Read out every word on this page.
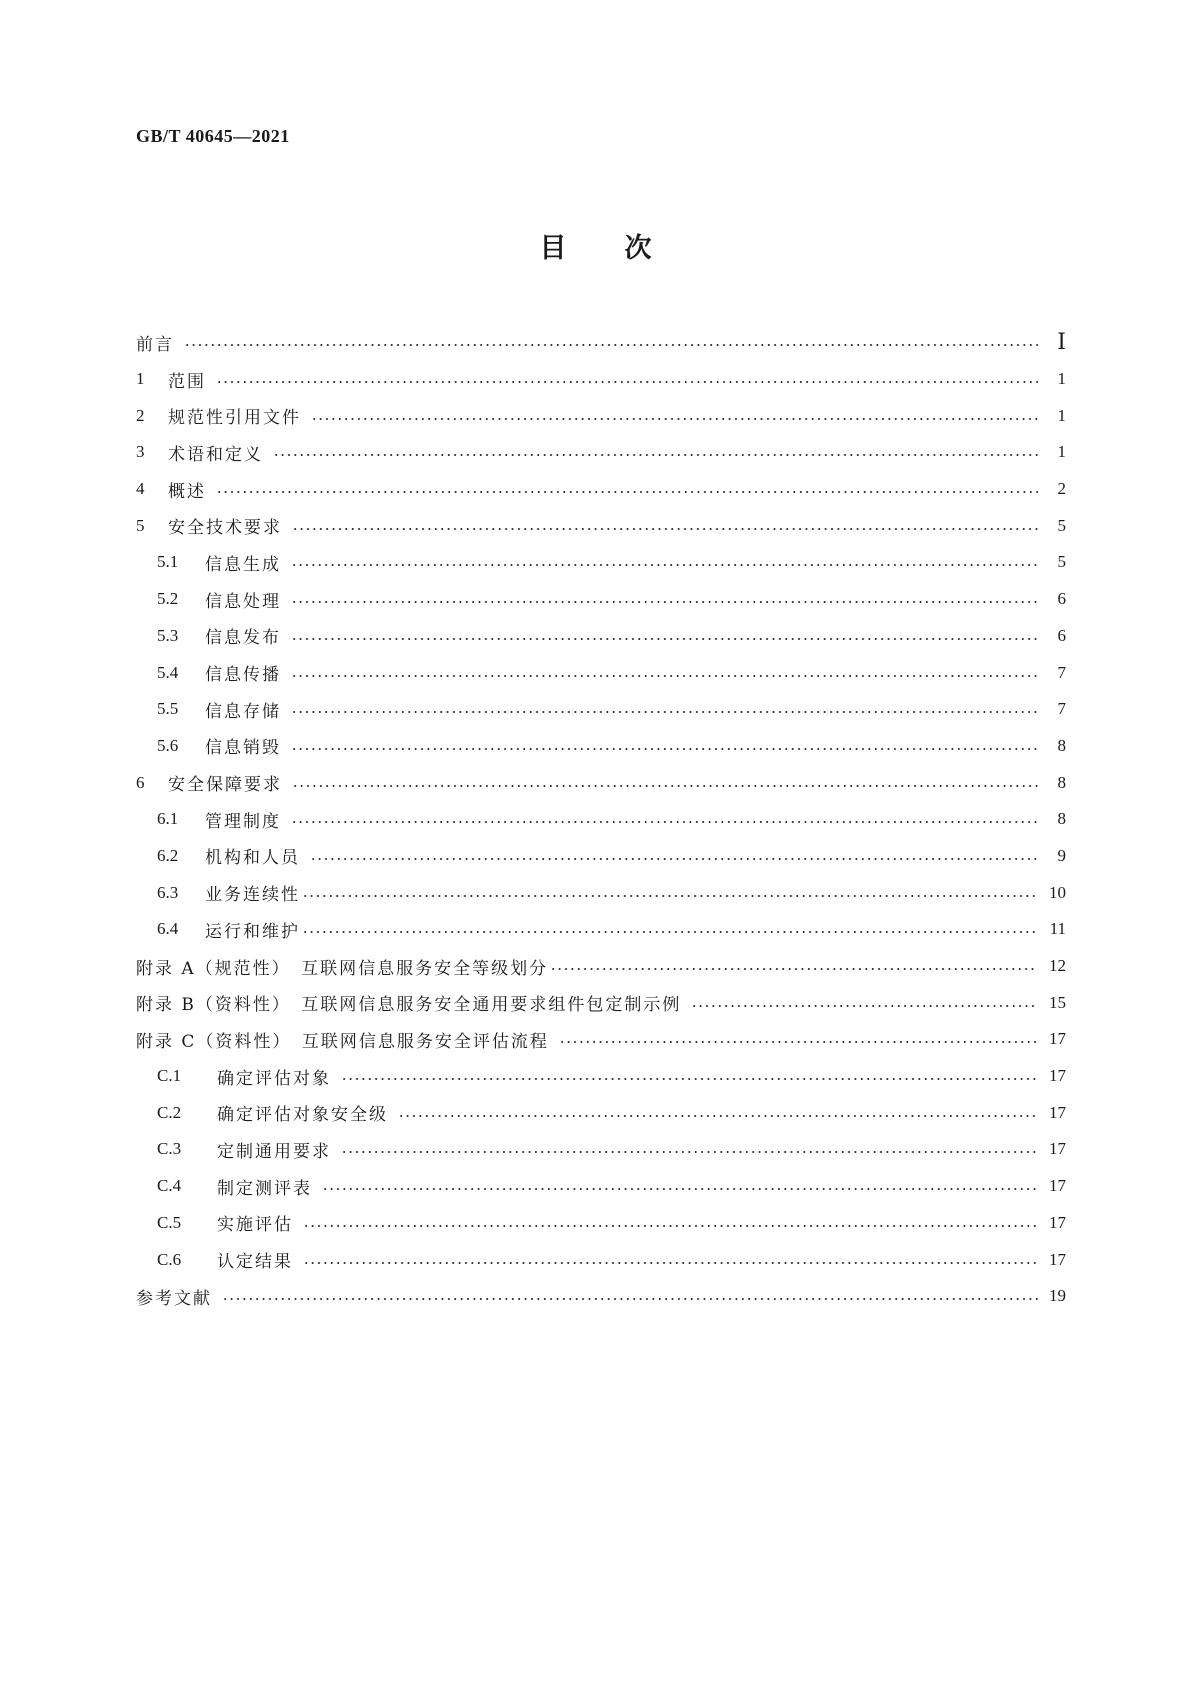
GB/T 40645—2021
目 次
前言	Ⅰ
1	范围	1
2	规范性引用文件	1
3	术语和定义	1
4	概述	2
5	安全技术要求	5
5.1	信息生成	5
5.2	信息处理	6
5.3	信息发布	6
5.4	信息传播	7
5.5	信息存储	7
5.6	信息销毁	8
6	安全保障要求	8
6.1	管理制度	8
6.2	机构和人员	9
6.3	业务连续性	10
6.4	运行和维护	11
附录 A（规范性）　互联网信息服务安全等级划分	12
附录 B（资料性）　互联网信息服务安全通用要求组件包定制示例	15
附录 C（资料性）　互联网信息服务安全评估流程	17
C.1	确定评估对象	17
C.2	确定评估对象安全级	17
C.3	定制通用要求	17
C.4	制定测评表	17
C.5	实施评估	17
C.6	认定结果	17
参考文献	19
